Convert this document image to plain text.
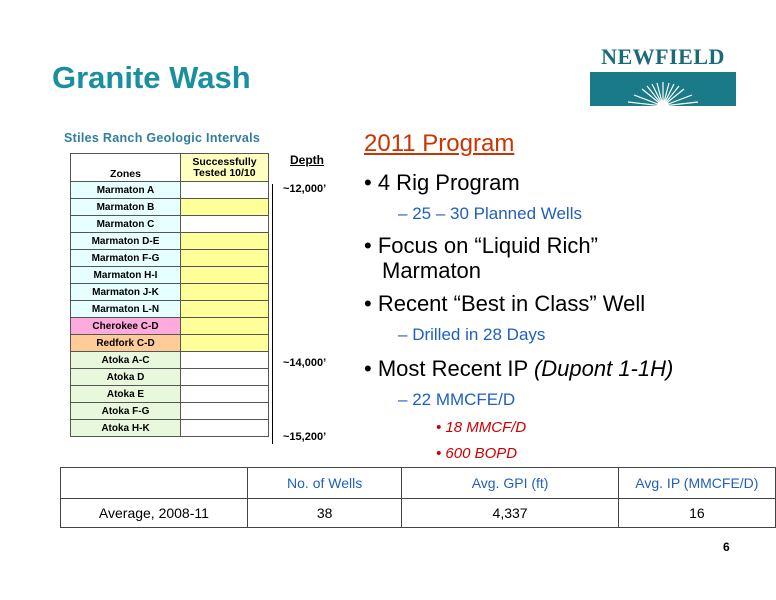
Granite Wash
NEWFIELD
Stiles Ranch Geologic Intervals
Zones	Successfully
Tested 10/10
Marmaton A	
Marmaton B	
Marmaton C	
Marmaton D-E	
Marmaton F-G	
Marmaton H-I	
Marmaton J-K	
Marmaton L-N	
Cherokee C-D	
Redfork C-D	
Atoka A-C	
Atoka D	
Atoka E	
Atoka F-G	
Atoka H-K	
Depth
~12,000’
~14,000’
~15,200’
2011 Program
• 4 Rig Program
– 25 – 30 Planned Wells
• Focus on “Liquid Rich”
Marmaton
• Recent “Best in Class” Well
– Drilled in 28 Days
• Most Recent IP (Dupont 1-1H)
– 22 MMCFE/D
• 18 MMCF/D
• 600 BOPD
	No. of Wells	Avg. GPI (ft)	Avg. IP (MMCFE/D)
Average, 2008-11	38	4,337	16
6
